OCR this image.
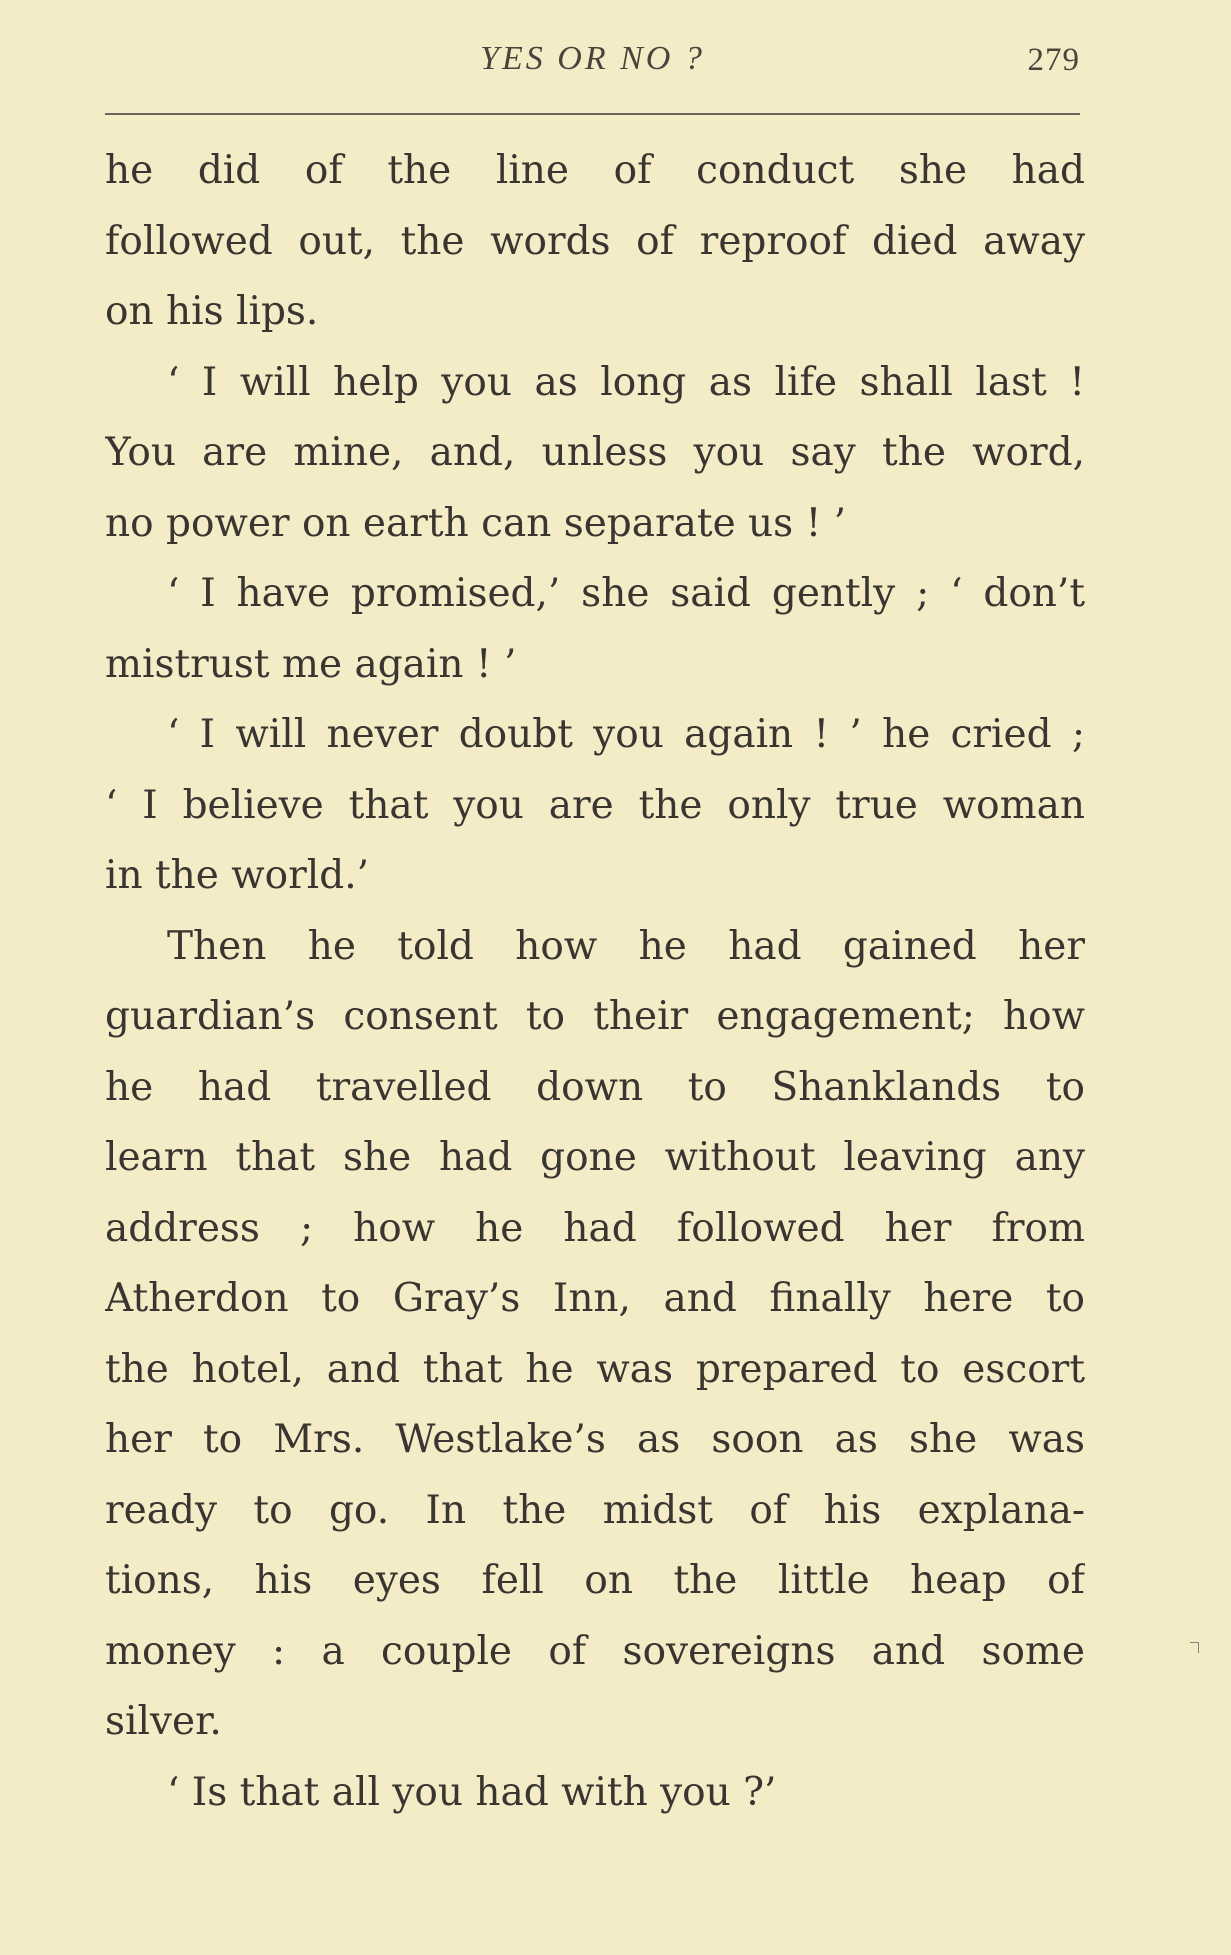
YES OR NO ?	279
he did of the line of conduct she had
followed out, the words of reproof died away
on his lips.
‘ I will help you as long as life shall last !
You are mine, and, unless you say the word,
no power on earth can separate us ! ’
‘ I have promised,’ she said gently ; ‘ don’t
mistrust me again ! ’
‘ I will never doubt you again ! ’ he cried ;
‘ I believe that you are the only true woman
in the world.’
Then he told how he had gained her
guardian’s consent to their engagement; how
he had travelled down to Shanklands to
learn that she had gone without leaving any
address ; how he had followed her from
Atherdon to Gray’s Inn, and finally here to
the hotel, and that he was prepared to escort
her to Mrs. Westlake’s as soon as she was
ready to go. In the midst of his explana-
tions, his eyes fell on the little heap of
money : a couple of sovereigns and some
silver.
‘ Is that all you had with you ?’
